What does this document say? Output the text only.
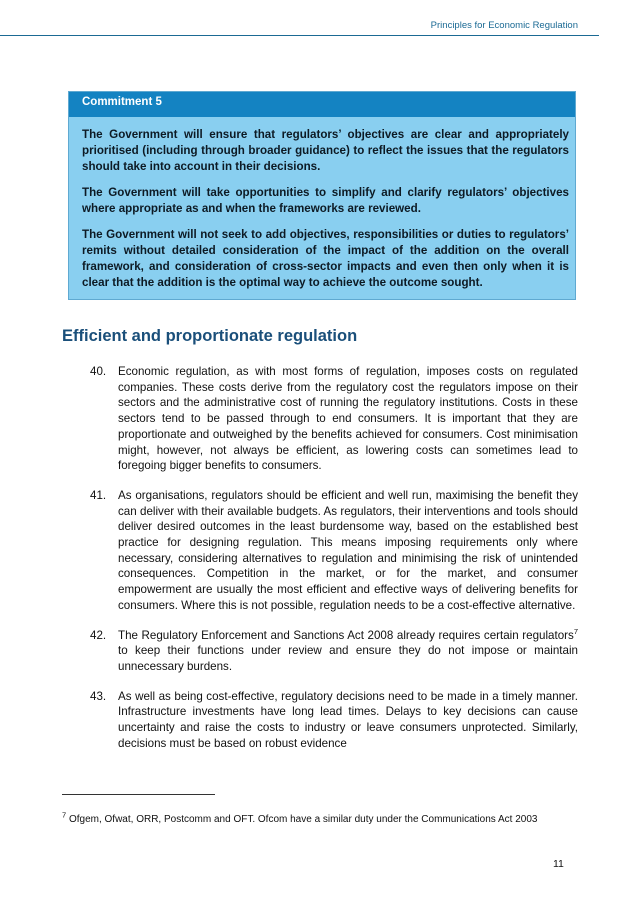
Principles for Economic Regulation
Commitment 5

The Government will ensure that regulators’ objectives are clear and appropriately prioritised (including through broader guidance) to reflect the issues that the regulators should take into account in their decisions.

The Government will take opportunities to simplify and clarify regulators’ objectives where appropriate as and when the frameworks are reviewed.

The Government will not seek to add objectives, responsibilities or duties to regulators’ remits without detailed consideration of the impact of the addition on the overall framework, and consideration of cross-sector impacts and even then only when it is clear that the addition is the optimal way to achieve the outcome sought.

Efficient and proportionate regulation
40.	Economic regulation, as with most forms of regulation, imposes costs on regulated companies. These costs derive from the regulatory cost the regulators impose on their sectors and the administrative cost of running the regulatory institutions. Costs in these sectors tend to be passed through to end consumers. It is important that they are proportionate and outweighed by the benefits achieved for consumers. Cost minimisation might, however, not always be efficient, as lowering costs can sometimes lead to foregoing bigger benefits to consumers.
41.	As organisations, regulators should be efficient and well run, maximising the benefit they can deliver with their available budgets. As regulators, their interventions and tools should deliver desired outcomes in the least burdensome way, based on the established best practice for designing regulation. This means imposing requirements only where necessary, considering alternatives to regulation and minimising the risk of unintended consequences. Competition in the market, or for the market, and consumer empowerment are usually the most efficient and effective ways of delivering benefits for consumers. Where this is not possible, regulation needs to be a cost-effective alternative.
42.	The Regulatory Enforcement and Sanctions Act 2008 already requires certain regulators$^7$ to keep their functions under review and ensure they do not impose or maintain unnecessary burdens.
43.	As well as being cost-effective, regulatory decisions need to be made in a timely manner. Infrastructure investments have long lead times. Delays to key decisions can cause uncertainty and raise the costs to industry or leave consumers unprotected. Similarly, decisions must be based on robust evidence
$^7$ Ofgem, Ofwat, ORR, Postcomm and OFT. Ofcom have a similar duty under the Communications Act 2003
11
